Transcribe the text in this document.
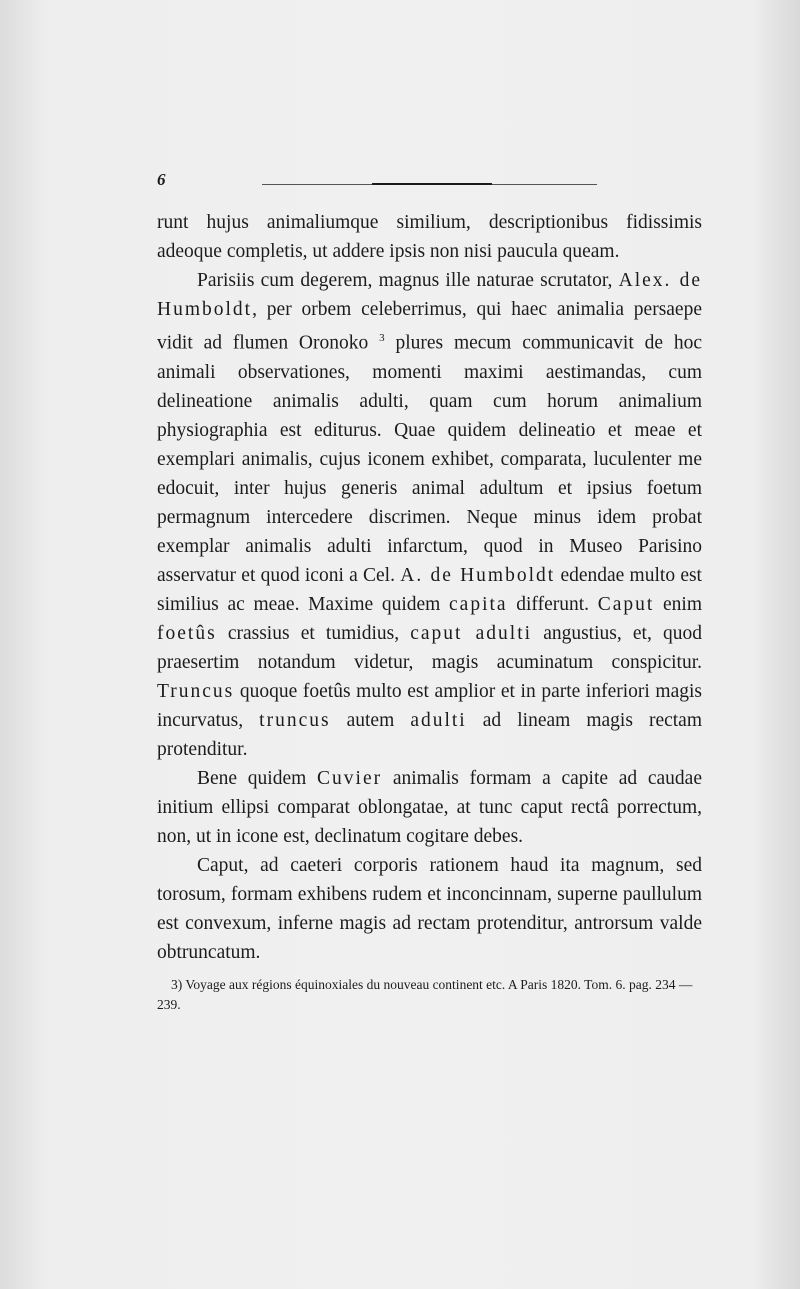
6

runt hujus animaliumque similium, descriptionibus fidissimis adeoque completis, ut addere ipsis non nisi paucula queam.

Parisiis cum degerem, magnus ille naturae scrutator, Alex. de Humboldt, per orbem celeberrimus, qui haec animalia persaepe vidit ad flumen Oronoko $^3$ plures mecum communicavit de hoc animali observationes, momenti maximi aestimandas, cum delineatione animalis adulti, quam cum horum animalium physiographia est editurus. Quae quidem delineatio et meae et exemplari animalis, cujus iconem exhibet, comparata, luculenter me edocuit, inter hujus generis animal adultum et ipsius foetum permagnum intercedere discrimen. Neque minus idem probat exemplar animalis adulti infarctum, quod in Museo Parisino asservatur et quod iconi a Cel. A. de Humboldt edendae multo est similius ac meae. Maxime quidem capita differunt. Caput enim foetûs crassius et tumidius, caput adulti angustius, et, quod praesertim notandum videtur, magis acuminatum conspicitur. Truncus quoque foetûs multo est amplior et in parte inferiori magis incurvatus, truncus autem adulti ad lineam magis rectam protenditur.

Bene quidem Cuvier animalis formam a capite ad caudae initium ellipsi comparat oblongatae, at tunc caput rectâ porrectum, non, ut in icone est, declinatum cogitare debes.

Caput, ad caeteri corporis rationem haud ita magnum, sed torosum, formam exhibens rudem et inconcinnam, superne paullulum est convexum, inferne magis ad rectam protenditur, antrorsum valde obtruncatum.

3) Voyage aux régions équinoxiales du nouveau continent etc. A Paris 1820. Tom. 6. pag. 234 — 239.
